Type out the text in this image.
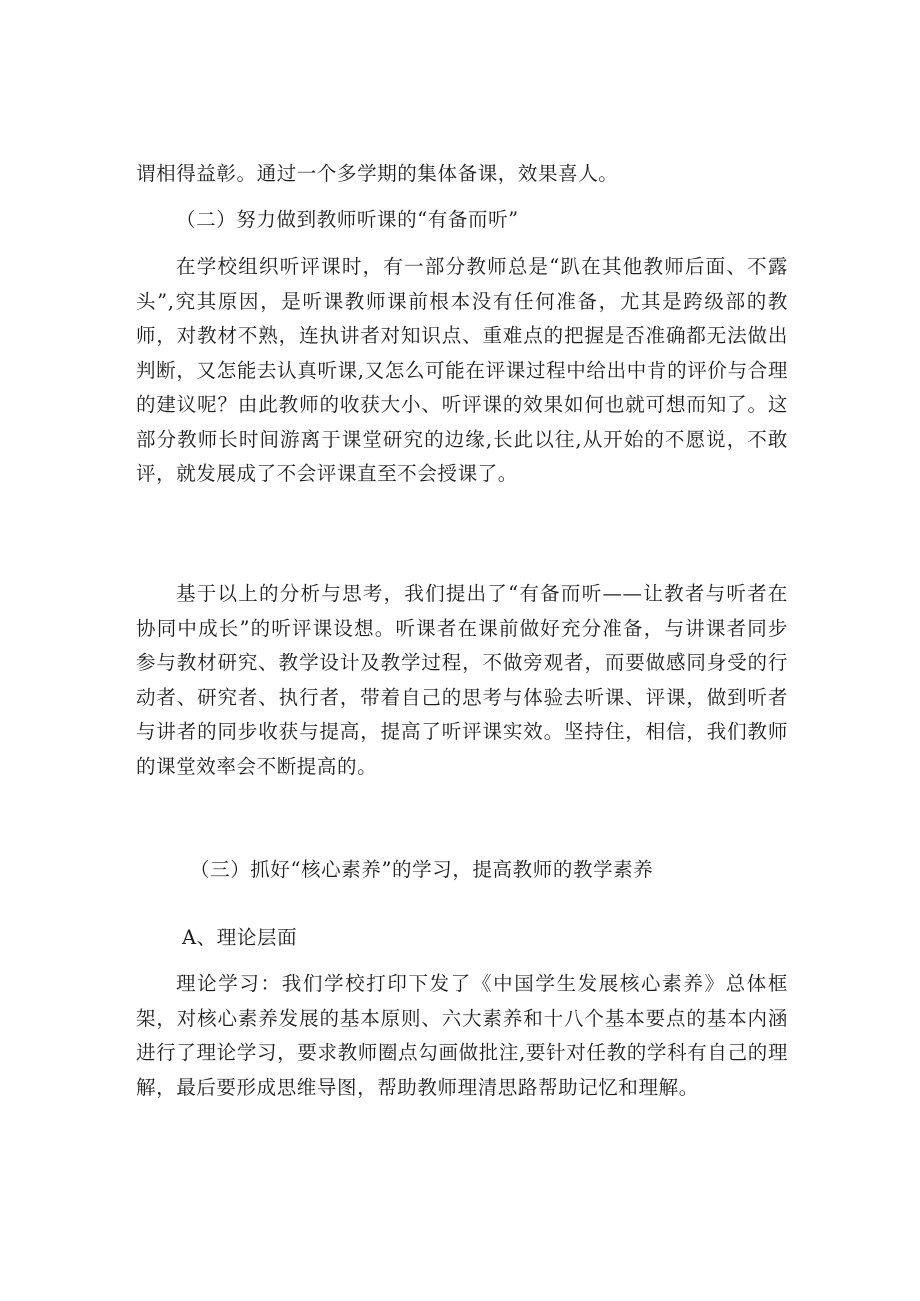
谓相得益彰。通过一个多学期的集体备课，效果喜人。
（二）努力做到教师听课的“有备而听”
在学校组织听评课时，有一部分教师总是“趴在其他教师后面、不露头”,究其原因，是听课教师课前根本没有任何准备，尤其是跨级部的教师，对教材不熟，连执讲者对知识点、重难点的把握是否准确都无法做出判断，又怎能去认真听课,又怎么可能在评课过程中给出中肯的评价与合理的建议呢？由此教师的收获大小、听评课的效果如何也就可想而知了。这部分教师长时间游离于课堂研究的边缘,长此以往,从开始的不愿说，不敢评，就发展成了不会评课直至不会授课了。
基于以上的分析与思考，我们提出了“有备而听——让教者与听者在协同中成长”的听评课设想。听课者在课前做好充分准备，与讲课者同步参与教材研究、教学设计及教学过程，不做旁观者，而要做感同身受的行动者、研究者、执行者，带着自己的思考与体验去听课、评课，做到听者与讲者的同步收获与提高，提高了听评课实效。坚持住，相信，我们教师的课堂效率会不断提高的。
（三）抓好“核心素养”的学习，提高教师的教学素养
A、理论层面
理论学习：我们学校打印下发了《中国学生发展核心素养》总体框架，对核心素养发展的基本原则、六大素养和十八个基本要点的基本内涵进行了理论学习，要求教师圈点勾画做批注,要针对任教的学科有自己的理解，最后要形成思维导图，帮助教师理清思路帮助记忆和理解。
